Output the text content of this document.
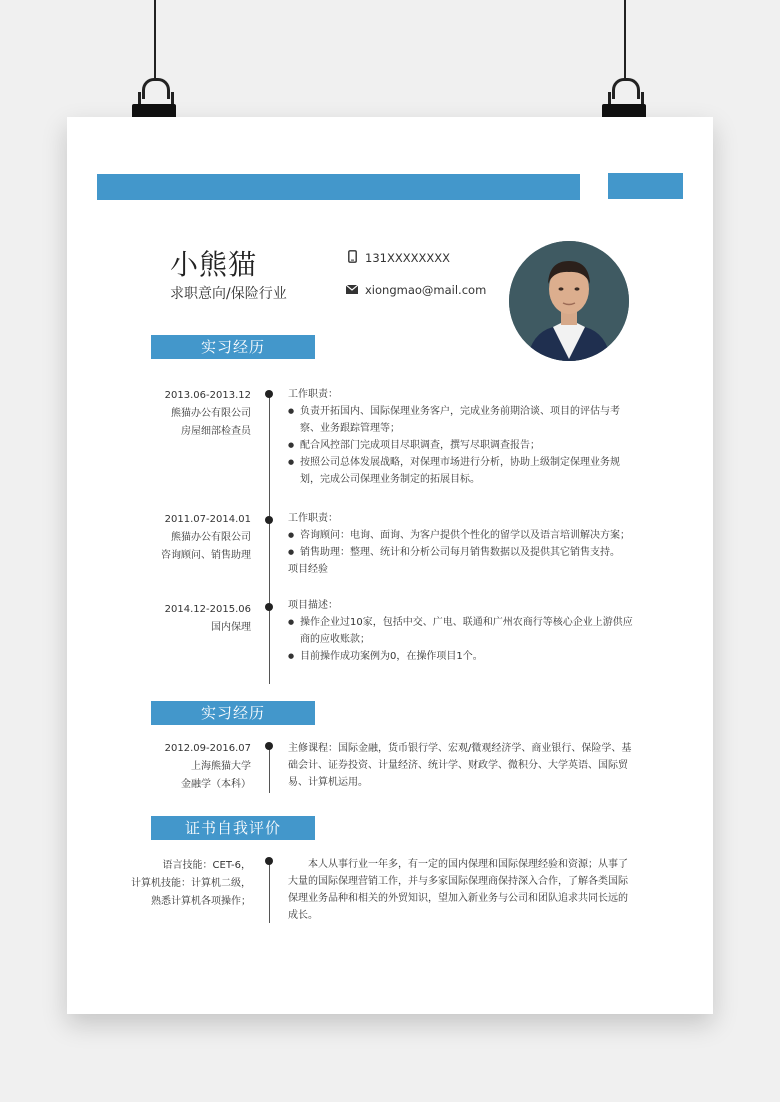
小熊猫
求职意向/保险行业
131XXXXXXXX
xiongmao@mail.com
实习经历
2013.06-2013.12
熊猫办公有限公司
房屋细部检查员

工作职责：

● 负责开拓国内、国际保理业务客户，完成业务前期洽谈、项目的评估与考察、业务跟踪管理等；
● 配合风控部门完成项目尽职调查，撰写尽职调查报告；
● 按照公司总体发展战略，对保理市场进行分析，协助上级制定保理业务规划，完成公司保理业务制定的拓展目标。
2011.07-2014.01
熊猫办公有限公司
咨询顾问、销售助理

工作职责：

● 咨询顾问：电询、面询、为客户提供个性化的留学以及语言培训解决方案；
● 销售助理：整理、统计和分析公司每月销售数据以及提供其它销售支持。

项目经验

2014.12-2015.06
国内保理

项目描述：

● 操作企业过10家，包括中交、广电、联通和广州农商行等核心企业上游供应商的应收账款；
● 目前操作成功案例为0，在操作项目1个。
实习经历
2012.09-2016.07
上海熊猫大学
金融学（本科）

主修课程：国际金融，货币银行学、宏观/微观经济学、商业银行、保险学、基础会计、证券投资、计量经济、统计学、财政学、微积分、大学英语、国际贸易、计算机运用。

证书自我评价
语言技能：CET-6，
计算机技能：计算机二级，
熟悉计算机各项操作；

本人从事行业一年多，有一定的国内保理和国际保理经验和资源；从事了大量的国际保理营销工作，并与多家国际保理商保持深入合作，了解各类国际保理业务品种和相关的外贸知识，望加入新业务与公司和团队追求共同长远的成长。
